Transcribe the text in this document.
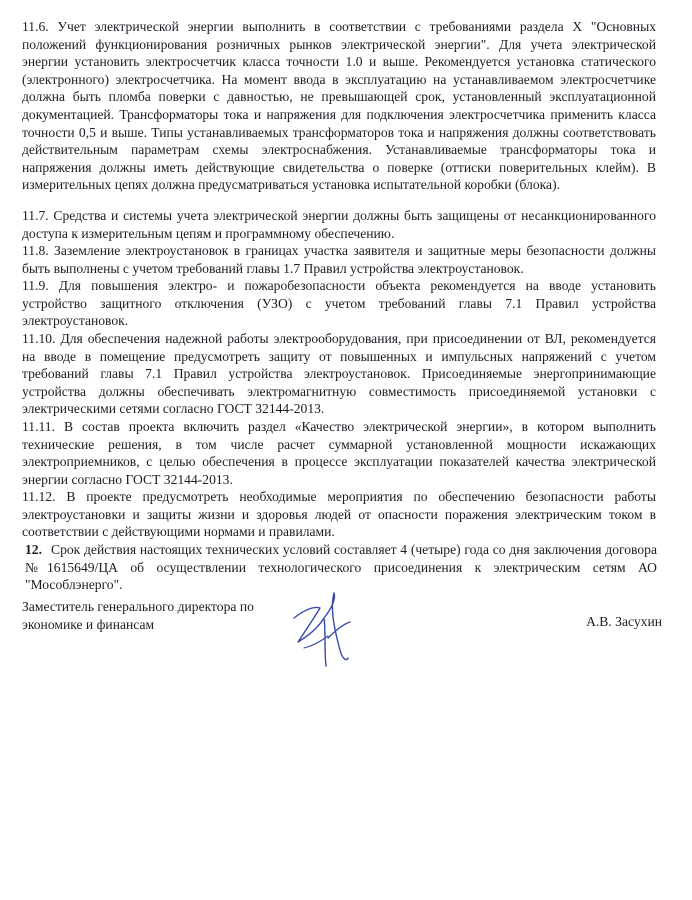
11.6. Учет электрической энергии выполнить в соответствии с требованиями раздела X "Основных положений функционирования розничных рынков электрической энергии". Для учета электрической энергии установить электросчетчик класса точности 1.0 и выше. Рекомендуется установка статического (электронного) электросчетчика. На момент ввода в эксплуатацию на устанавливаемом электросчетчике должна быть пломба поверки с давностью, не превышающей срок, установленный эксплуатационной документацией. Трансформаторы тока и напряжения для подключения электросчетчика применить класса точности 0,5 и выше. Типы устанавливаемых трансформаторов тока и напряжения должны соответствовать действительным параметрам схемы электроснабжения. Устанавливаемые трансформаторы тока и напряжения должны иметь действующие свидетельства о поверке (оттиски поверительных клейм). В измерительных цепях должна предусматриваться установка испытательной коробки (блока).

11.7. Средства и системы учета электрической энергии должны быть защищены от несанкционированного доступа к измерительным цепям и программному обеспечению.

11.8. Заземление электроустановок в границах участка заявителя и защитные меры безопасности должны быть выполнены с учетом требований главы 1.7 Правил устройства электроустановок.

11.9. Для повышения электро- и пожаробезопасности объекта рекомендуется на вводе установить устройство защитного отключения (УЗО) с учетом требований главы 7.1 Правил устройства электроустановок.

11.10. Для обеспечения надежной работы электрооборудования, при присоединении от ВЛ, рекомендуется на вводе в помещение предусмотреть защиту от повышенных и импульсных напряжений с учетом требований главы 7.1 Правил устройства электроустановок. Присоединяемые энергопринимающие устройства должны обеспечивать электромагнитную совместимость присоединяемой установки с электрическими сетями согласно ГОСТ 32144-2013.

11.11. В состав проекта включить раздел «Качество электрической энергии», в котором выполнить технические решения, в том числе расчет суммарной установленной мощности искажающих электроприемников, с целью обеспечения в процессе эксплуатации показателей качества электрической энергии согласно ГОСТ 32144-2013.

11.12. В проекте предусмотреть необходимые мероприятия по обеспечению безопасности работы электроустановки и защиты жизни и здоровья людей от опасности поражения электрическим током в соответствии с действующими нормами и правилами.

12. Срок действия настоящих технических условий составляет 4 (четыре) года со дня заключения договора №1615649/ЦА об осуществлении технологического присоединения к электрическим сетям АО "Мособлэнерго".
Заместитель генерального директора по экономике и финансам	А.В. Засухин
